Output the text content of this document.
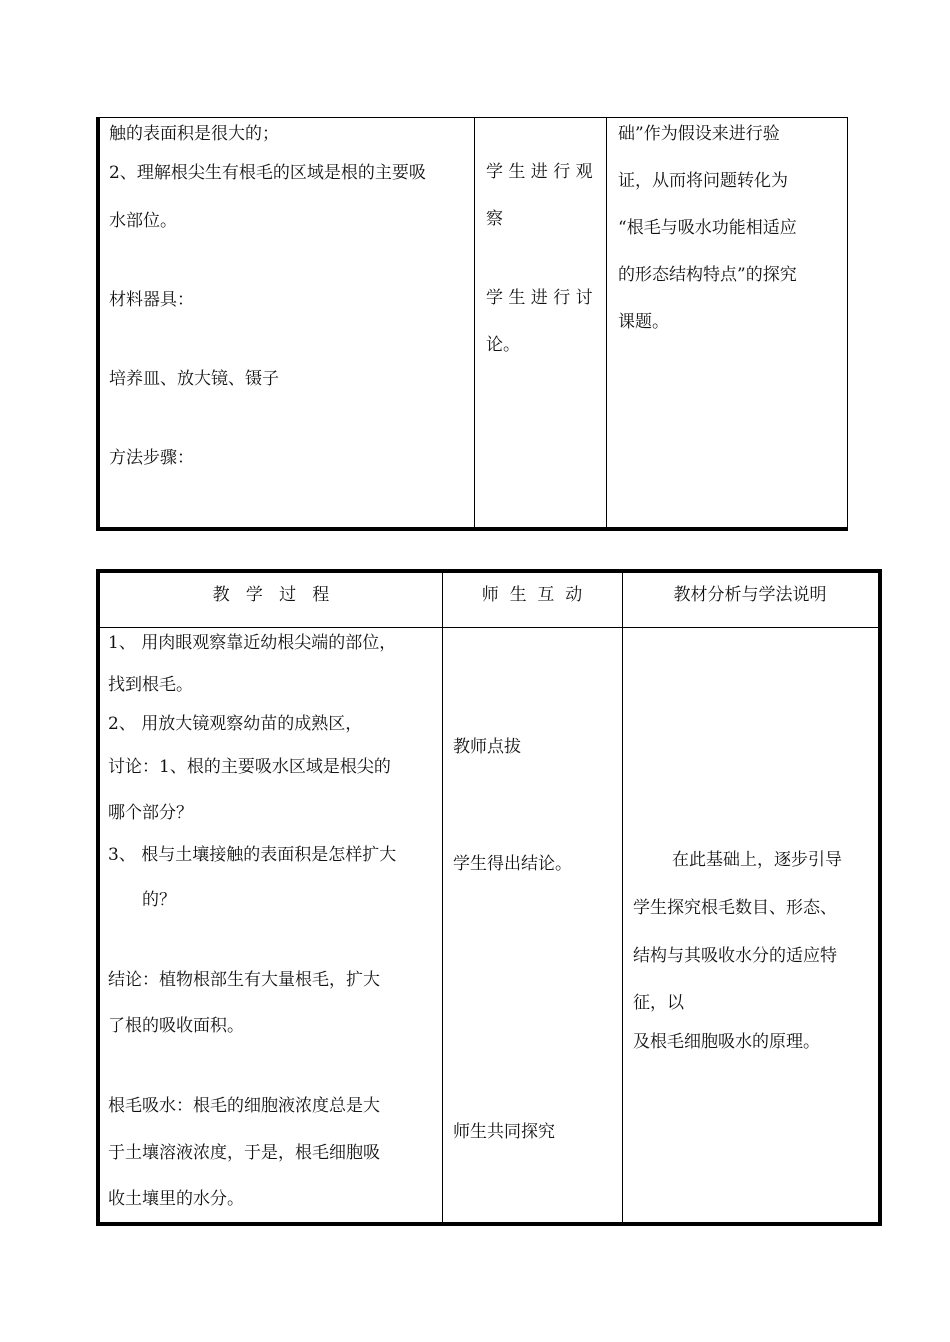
触的表面积是很大的；
2、理解根尖生有根毛的区域是根的主要吸
水部位。
材料器具：
培养皿、放大镜、镊子
方法步骤：
学 生 进 行 观
察
学 生 进 行 讨
论。
础”作为假设来进行验
证，从而将问题转化为
“根毛与吸水功能相适应
的形态结构特点”的探究
课题。
教   学   过   程	师  生  互  动	教材分析与学法说明
1、 用肉眼观察靠近幼根尖端的部位，
找到根毛。
2、 用放大镜观察幼苗的成熟区，
讨论：1、根的主要吸水区域是根尖的
哪个部分？
3、 根与土壤接触的表面积是怎样扩大
的？
结论：植物根部生有大量根毛，扩大
了根的吸收面积。
根毛吸水：根毛的细胞液浓度总是大
于土壤溶液浓度，于是，根毛细胞吸
收土壤里的水分。
教师点拔
学生得出结论。
师生共同探究
在此基础上，逐步引导
学生探究根毛数目、形态、
结构与其吸收水分的适应特
征，以
及根毛细胞吸水的原理。
